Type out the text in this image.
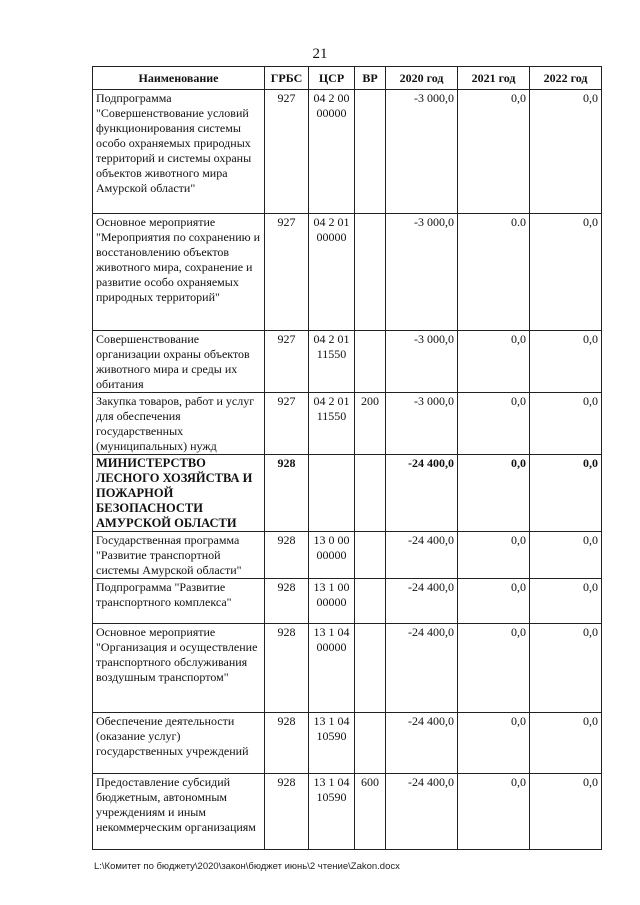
21
Наименование	ГРБС	ЦСР	ВР	2020 год	2021 год	2022 год
Подпрограмма "Совершенствование условий функционирования системы особо охраняемых природных территорий и системы охраны объектов животного мира Амурской области"	927	04 2 00 00000		-3 000,0	0,0	0,0
Основное мероприятие "Мероприятия по сохранению и восстановлению объектов животного мира, сохранение и развитие особо охраняемых природных территорий"	927	04 2 01 00000		-3 000,0	0.0	0,0
Совершенствование организации охраны объектов животного мира и среды их обитания	927	04 2 01 11550		-3 000,0	0,0	0,0
Закупка товаров, работ и услуг для обеспечения государственных (муниципальных) нужд	927	04 2 01 11550	200	-3 000,0	0,0	0,0
МИНИСТЕРСТВО ЛЕСНОГО ХОЗЯЙСТВА И ПОЖАРНОЙ БЕЗОПАСНОСТИ АМУРСКОЙ ОБЛАСТИ	928			-24 400,0	0,0	0,0
Государственная программа "Развитие транспортной системы Амурской области"	928	13 0 00 00000		-24 400,0	0,0	0,0
Подпрограмма "Развитие транспортного комплекса"	928	13 1 00 00000		-24 400,0	0,0	0,0
Основное мероприятие "Организация и осуществление транспортного обслуживания воздушным транспортом"	928	13 1 04 00000		-24 400,0	0,0	0,0
Обеспечение деятельности (оказание услуг) государственных учреждений	928	13 1 04 10590		-24 400,0	0,0	0,0
Предоставление субсидий бюджетным, автономным учреждениям и иным некоммерческим организациям	928	13 1 04 10590	600	-24 400,0	0,0	0,0
L:\Комитет по бюджету\2020\закон\бюджет июнь\2 чтение\Zakon.docx
